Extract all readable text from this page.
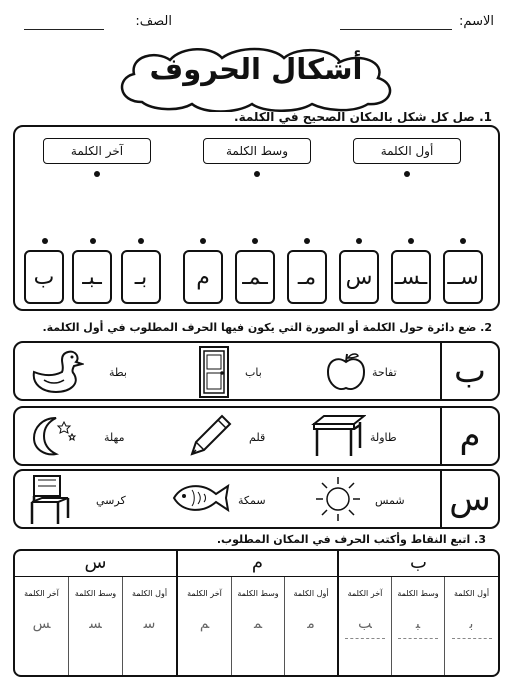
الاسم:
الصف:
أشكال الحروف
1. صل كل شكل بالمكان الصحيح في الكلمة.
أول الكلمة
وسط الكلمة
آخر الكلمة
ســ
ـسـ
س
مـ
ـمـ
م
بـ
ـبـ
ب
2. ضع دائرة حول الكلمة أو الصورة التي يكون فيها الحرف المطلوب في أول الكلمة.
ب
تفاحة
باب
بطة
م
طاولة
قلم
مهلة
س
شمس
سمكة
كرسي
3. اتبع النقاط وأكتب الحرف في المكان المطلوب.
ب
م
س
أول الكلمة
وسط الكلمة
آخر الكلمة
ﺑ
ﺒ
ﺐ
أول الكلمة
وسط الكلمة
آخر الكلمة
ﻣ
ﻤ
ﻢ
أول الكلمة
وسط الكلمة
آخر الكلمة
ﺳ
ﺴ
ﺲ
